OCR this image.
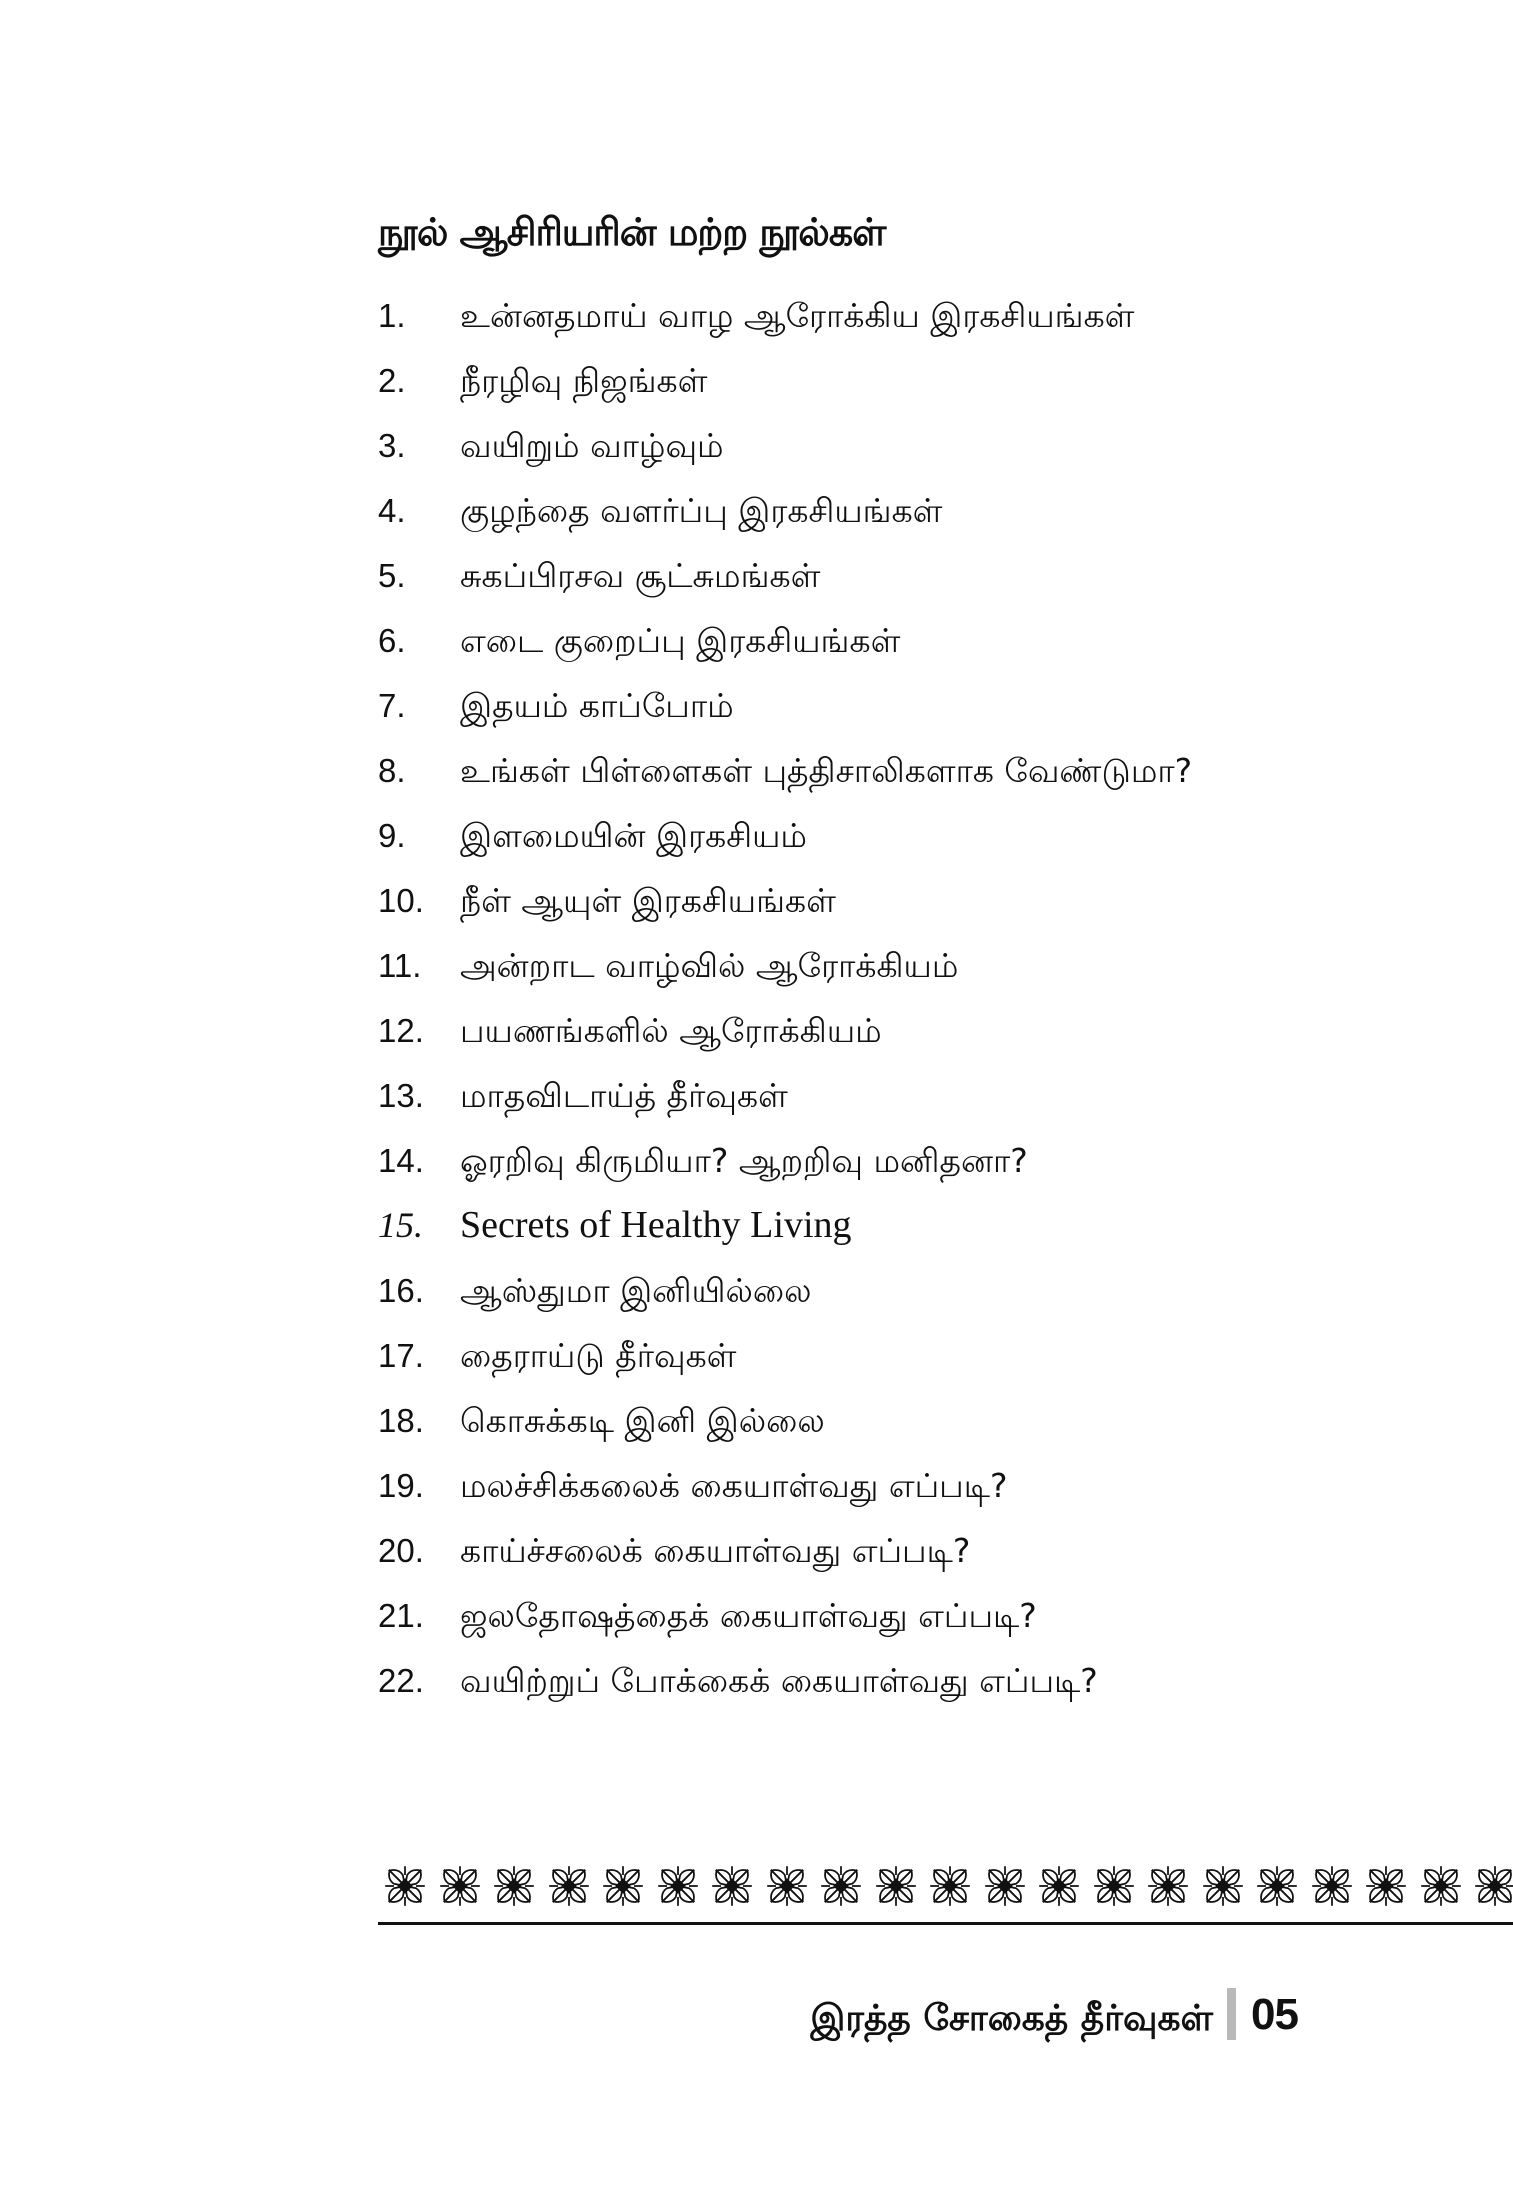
நூல் ஆசிரியரின் மற்ற நூல்கள்
1.	உன்னதமாய் வாழ ஆரோக்கிய இரகசியங்கள்
2.	நீரழிவு நிஜங்கள்
3.	வயிறும் வாழ்வும்
4.	குழந்தை வளர்ப்பு இரகசியங்கள்
5.	சுகப்பிரசவ சூட்சுமங்கள்
6.	எடை குறைப்பு இரகசியங்கள்
7.	இதயம் காப்போம்
8.	உங்கள் பிள்ளைகள் புத்திசாலிகளாக வேண்டுமா?
9.	இளமையின் இரகசியம்
10.	நீள் ஆயுள் இரகசியங்கள்
11.	அன்றாட வாழ்வில் ஆரோக்கியம்
12.	பயணங்களில் ஆரோக்கியம்
13.	மாதவிடாய்த் தீர்வுகள்
14.	ஓரறிவு கிருமியா? ஆறறிவு மனிதனா?
15. Secrets of Healthy Living
16.	ஆஸ்துமா இனியில்லை
17.	தைராய்டு தீர்வுகள்
18.	கொசுக்கடி இனி இல்லை
19.	மலச்சிக்கலைக் கையாள்வது எப்படி?
20.	காய்ச்சலைக் கையாள்வது எப்படி?
21.	ஜலதோஷத்தைக் கையாள்வது எப்படி?
22.	வயிற்றுப் போக்கைக் கையாள்வது எப்படி?
இரத்த சோகைத் தீர்வுகள் 05
